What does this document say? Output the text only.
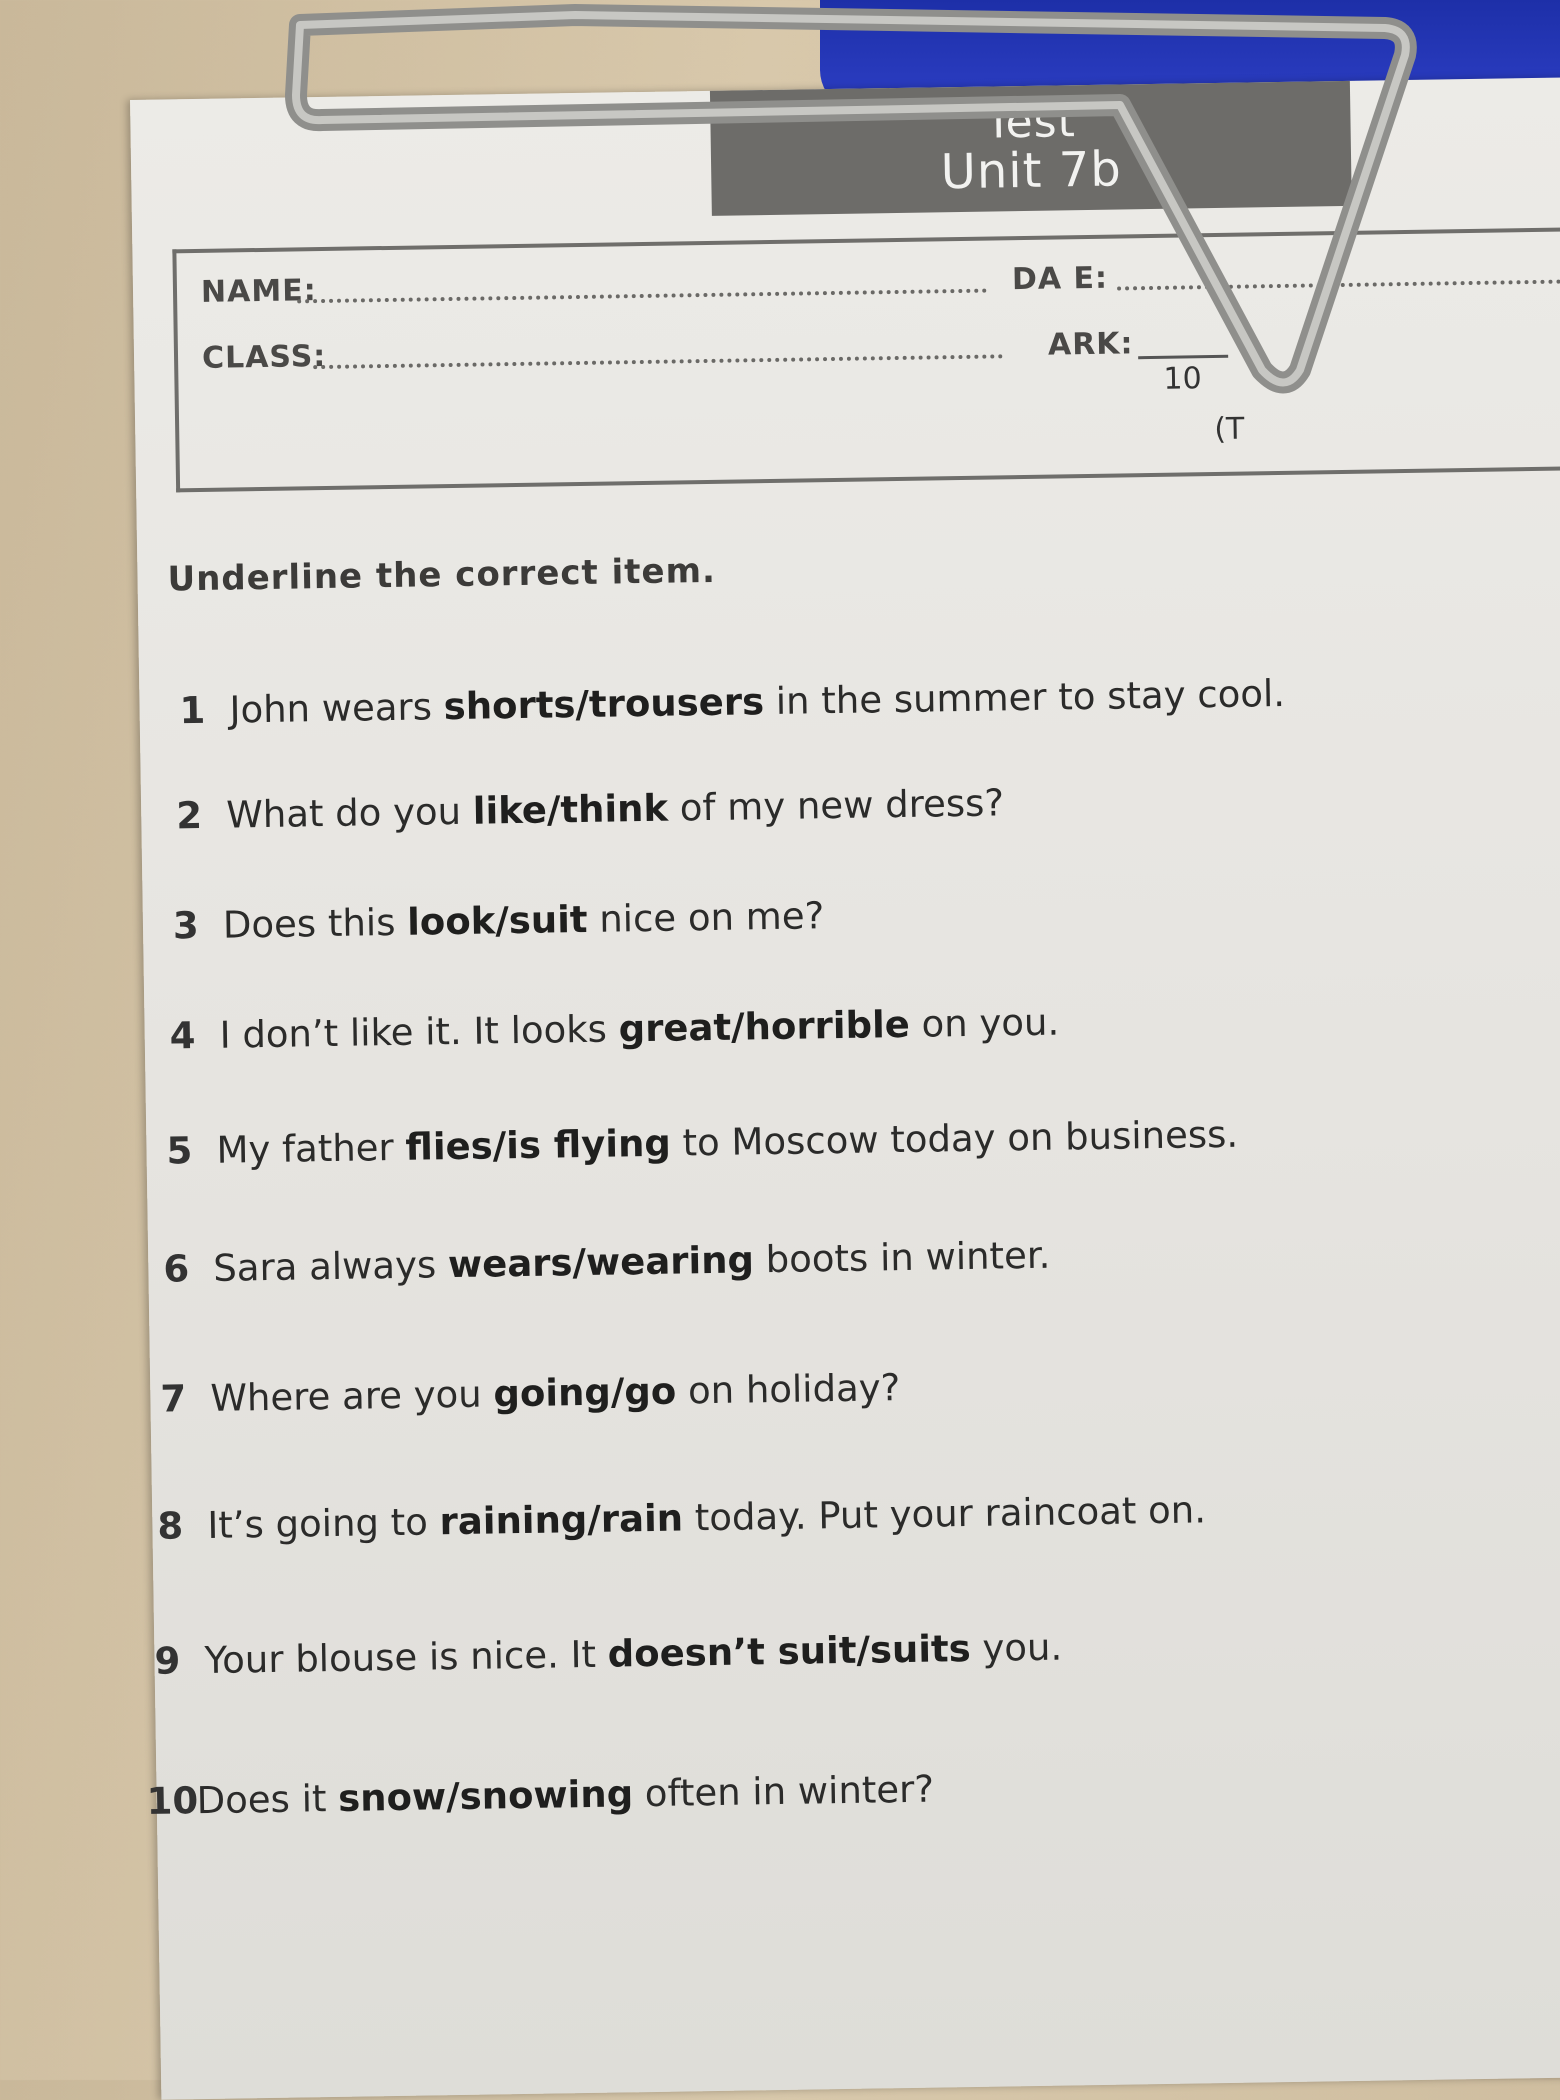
Test
Unit 7b
NAME:	DA E:
CLASS:	ARK:
10
(T
Underline the correct item.
1 John wears shorts/trousers in the summer to stay cool.
2 What do you like/think of my new dress?
3 Does this look/suit nice on me?
4 I don’t like it. It looks great/horrible on you.
5 My father flies/is flying to Moscow today on business.
6 Sara always wears/wearing boots in winter.
7 Where are you going/go on holiday?
8 It’s going to raining/rain today. Put your raincoat on.
9 Your blouse is nice. It doesn’t suit/suits you.
10Does it snow/snowing often in winter?
